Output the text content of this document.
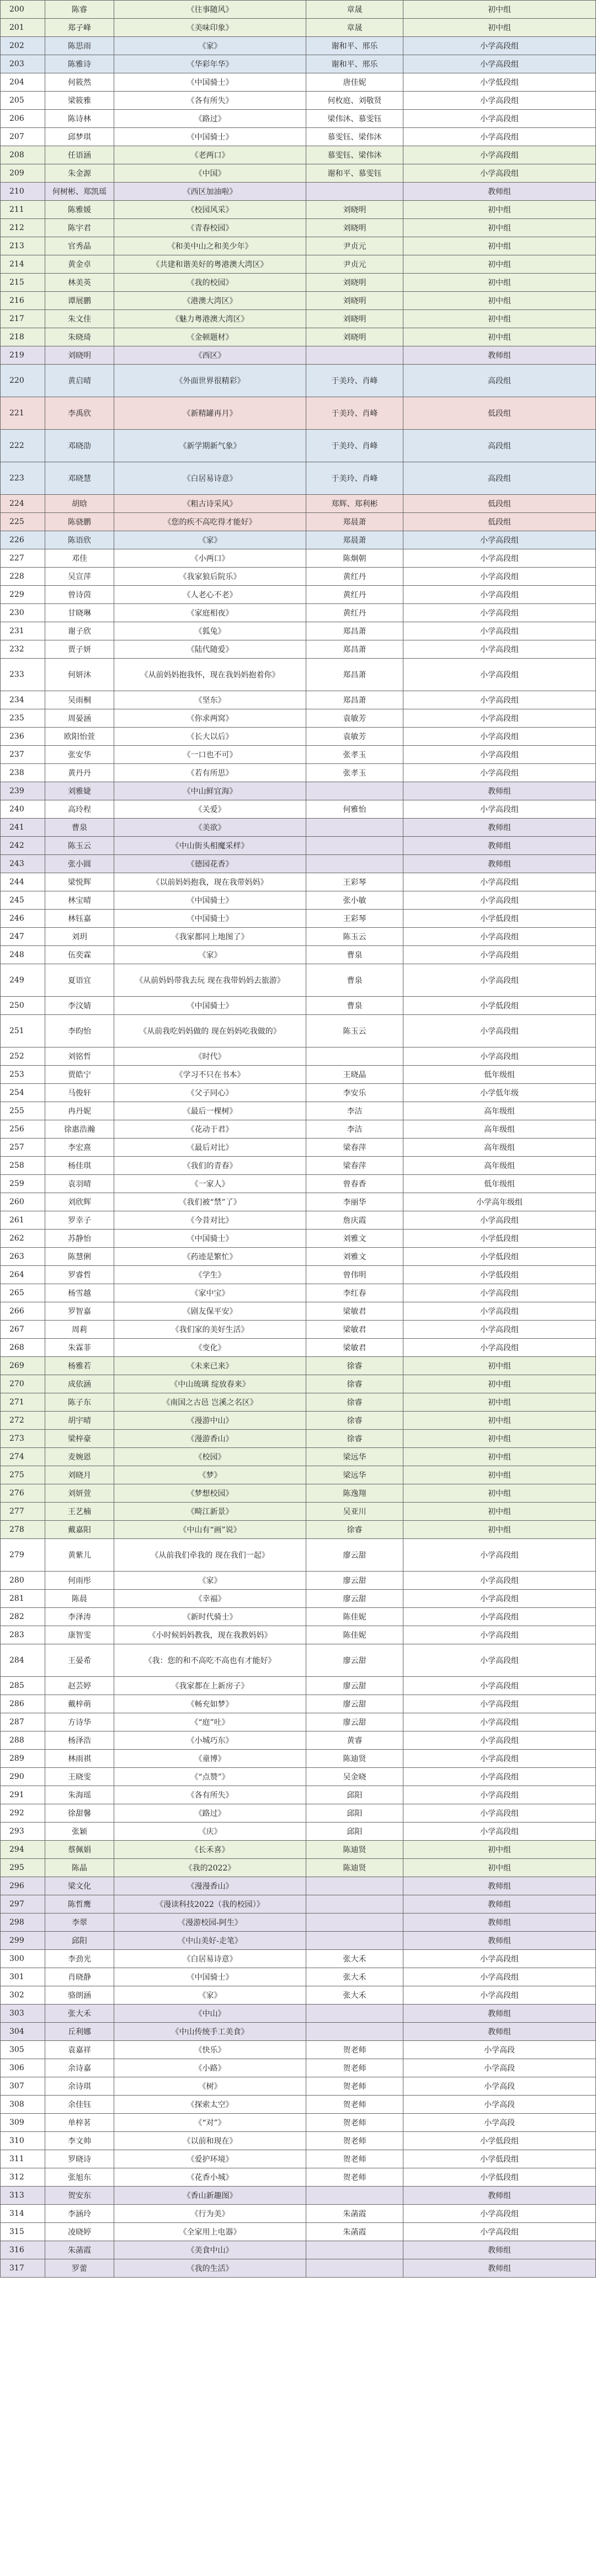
200	陈睿	《往事随风》	章晟	初中组
201	郑子峰	《美味印象》	章晟	初中组
202	陈思雨	《家》	谢和平、邢乐	小学高段组
203	陈雅诗	《华彩年华》	谢和平、邢乐	小学高段组
204	何筱然	《中国骑士》	唐佳妮	小学低段组
205	梁筱雅	《各有所失》	何枚庭、刘敬贤	小学高段组
206	陈诗林	《路过》	梁伟沐、慕雯钰	小学高段组
207	邱梦琪	《中国骑士》	慕雯钰、梁伟沐	小学高段组
208	任语涵	《老两口》	慕雯钰、梁伟沐	小学高段组
209	朱金源	《中国》	谢和平、慕雯钰	小学高段组
210	何树彬、郑凯瑶	《西区加油啦》		教师组
211	陈雅媛	《校园风采》	刘晓明	初中组
212	陈宇君	《青春校园》	刘晓明	初中组
213	官秀晶	《和美中山之和美少年》	尹贞元	初中组
214	黄金卓	《共建和谐美好的粤港澳大湾区》	尹贞元	初中组
215	林美英	《我的校园》	刘晓明	初中组
216	谭展鹏	《港澳大湾区》	刘晓明	初中组
217	朱文佳	《魅力粤港澳大湾区》	刘晓明	初中组
218	朱晓琦	《金顿题材》	刘晓明	初中组
219	刘晓明	《西区》		教师组
220	黄启晴	《外面世界很精彩》	于美玲、肖峰	高段组
221	李禹欣	《新精罐再月》	于美玲、肖峰	低段组
222	邓晓劭	《新学期新气象》	于美玲、肖峰	高段组
223	邓晓慧	《白居易诗意》	于美玲、肖峰	高段组
224	胡晗	《粗古诗采风》	郑辉、郑利彬	低段组
225	陈骁鹏	《您的疾不高吃得才能好》	郑晨萧	低段组
226	陈语欣	《家》	郑晨萧	小学高段组
227	邓佳	《小两口》	陈炯朝	小学高段组
228	吴宣萍	《我家狼后院乐》	黄红丹	小学高段组
229	曾诗茵	《人老心不老》	黄红丹	小学高段组
230	甘晓琳	《家庭相夜》	黄红丹	小学高段组
231	谢子欣	《狐兔》	郑昌萧	小学高段组
232	贾子妍	《陆代随爱》	郑昌萧	小学高段组
233	何妍沐	《从前妈妈抱我怀，现在我妈妈抱着你》	郑昌萧	小学高段组
234	吴雨桐	《坚东》	郑昌萧	小学高段组
235	周晏涵	《你求两窝》	袁敏芳	小学高段组
236	欧阳怡萱	《长大以后》	袁敏芳	小学高段组
237	张安华	《一口也不可》	张孝玉	小学高段组
238	黄丹丹	《若有所思》	张孝玉	小学高段组
239	刘雅婕	《中山鲜宜海》		教师组
240	高玲程	《关爱》	何雅怡	小学高段组
241	曹泉	《美欲》		教师组
242	陈玉云	《中山街头相魔采样》		教师组
243	张小圆	《德园花香》		教师组
244	梁悦辉	《以前妈妈抱我，现在我带妈妈》	王彩琴	小学高段组
245	林宝晴	《中国骑士》	张小敏	小学高段组
246	林钰嘉	《中国骑士》	王彩琴	小学低段组
247	刘玥	《我家都同上地图了》	陈玉云	小学高段组
248	伍奕霖	《家》	曹泉	小学高段组
249	夏语宜	《从前妈妈带我去玩 现在我带妈妈去旅游》	曹泉	小学高段组
250	李汶婧	《中国骑士》	曹泉	小学低段组
251	李昀怡	《从前我吃妈妈做的 现在妈妈吃我做的》	陈玉云	小学高段组
252	刘铭哲	《时代》		小学高段组
253	贾皓宁	《学习不只在书本》	王晓晶	低年级组
254	马俊轩	《父子同心》	李安乐	小学低年级
255	冉丹妮	《最后一棵树》	李洁	高年级组
256	徐惠浩瀚	《花动于君》	李洁	高年级组
257	李宏熹	《最后对比》	梁春萍	高年级组
258	杨佳琪	《我们的青春》	梁春萍	高年级组
259	袁羽晴	《一家人》	曾春香	低年级组
260	刘欣辉	《我们被“禁”了》	李丽华	小学高年级组
261	罗幸子	《今昔对比》	詹庆霞	小学高段组
262	苏静怡	《中国骑士》	刘雅文	小学低段组
263	陈慧俐	《药迹是繁忙》	刘雅文	小学低段组
264	罗睿哲	《学生》	曾伟明	小学低段组
265	杨雪越	《家中宝》	李红春	小学高段组
266	罗智嘉	《剧友保平安》	梁敏君	小学高段组
267	周莉	《我们家的美好生活》	梁敏君	小学高段组
268	朱霖菲	《变化》	梁敏君	小学高段组
269	杨雅若	《未来已来》	徐睿	初中组
270	成依涵	《中山琉璃 绽放春来》	徐睿	初中组
271	陈子东	《南国之古邑 岂溪之名区》	徐睿	初中组
272	胡宇晴	《漫游中山》	徐睿	初中组
273	梁梓豪	《漫游香山》	徐睿	初中组
274	麦婉恩	《校园》	梁远华	初中组
275	刘晓月	《梦》	梁远华	初中组
276	刘妍萱	《梦想校园》	陈逸翔	初中组
277	王艺楠	《畸江新景》	吴亚川	初中组
278	戴嘉阳	《中山有“画”说》	徐睿	初中组
279	黄紫儿	《从前我们牵我的 现在我们一起》	廖云甜	小学高段组
280	何雨彤	《家》	廖云甜	小学高段组
281	陈晨	《幸福》	廖云甜	小学高段组
282	李泽涛	《新时代骑士》	陈佳妮	小学高段组
283	康智雯	《小时候妈妈教我，现在我教妈妈》	陈佳妮	小学高段组
284	王晏希	《我：您的和不高吃不高也有才能好》	廖云甜	小学高段组
285	赵芸婷	《我家都在上新房子》	廖云甜	小学高段组
286	戴梓萌	《畅充如梦》	廖云甜	小学高段组
287	方诗华	《“庭”吐》	廖云甜	小学高段组
288	杨泽浩	《小城巧东》	黄睿	小学高段组
289	林雨祺	《童博》	陈迪贤	小学高段组
290	王晓雯	《“点赞”》	吴金晓	小学高段组
291	朱海瑶	《各有所失》	邱阳	小学高段组
292	徐甜馨	《路过》	邱阳	小学高段组
293	张颖	《庆》	邱阳	小学高段组
294	蔡佩娟	《长禾喜》	陈迪贤	初中组
295	陈晶	《我的2022》	陈迪贤	初中组
296	梁文化	《漫漫香山》		教师组
297	陈哲鹰	《漫读科技2022（我的校园）》		教师组
298	李翠	《漫游校园-阿生》		教师组
299	邱阳	《中山美好-走笔》		教师组
300	李劲光	《白居易诗意》	张大禾	小学高段组
301	肖晓静	《中国骑士》	张大禾	小学高段组
302	骆朗涵	《家》	张大禾	小学高段组
303	张大禾	《中山》		教师组
304	丘利娜	《中山传统手工美食》		教师组
305	袁嘉祥	《快乐》	贺老师	小学高段
306	余诗嘉	《小路》	贺老师	小学高段
307	余诗琪	《树》	贺老师	小学高段
308	余佳钰	《探索太空》	贺老师	小学高段
309	单梓茗	《“对”》	贺老师	小学高段
310	李文帅	《以前和现在》	贺老师	小学低段组
311	罗晓诗	《爱护环境》	贺老师	小学低段组
312	张旭东	《花香小城》	贺老师	小学低段组
313	贺安东	《香山新趣图》		教师组
314	李涵玲	《行为美》	朱菡霞	小学高段组
315	凌晓婷	《全家用上电器》	朱菡霞	小学高段组
316	朱菡霞	《美食中山》		教师组
317	罗蕾	《我的生活》		教师组
